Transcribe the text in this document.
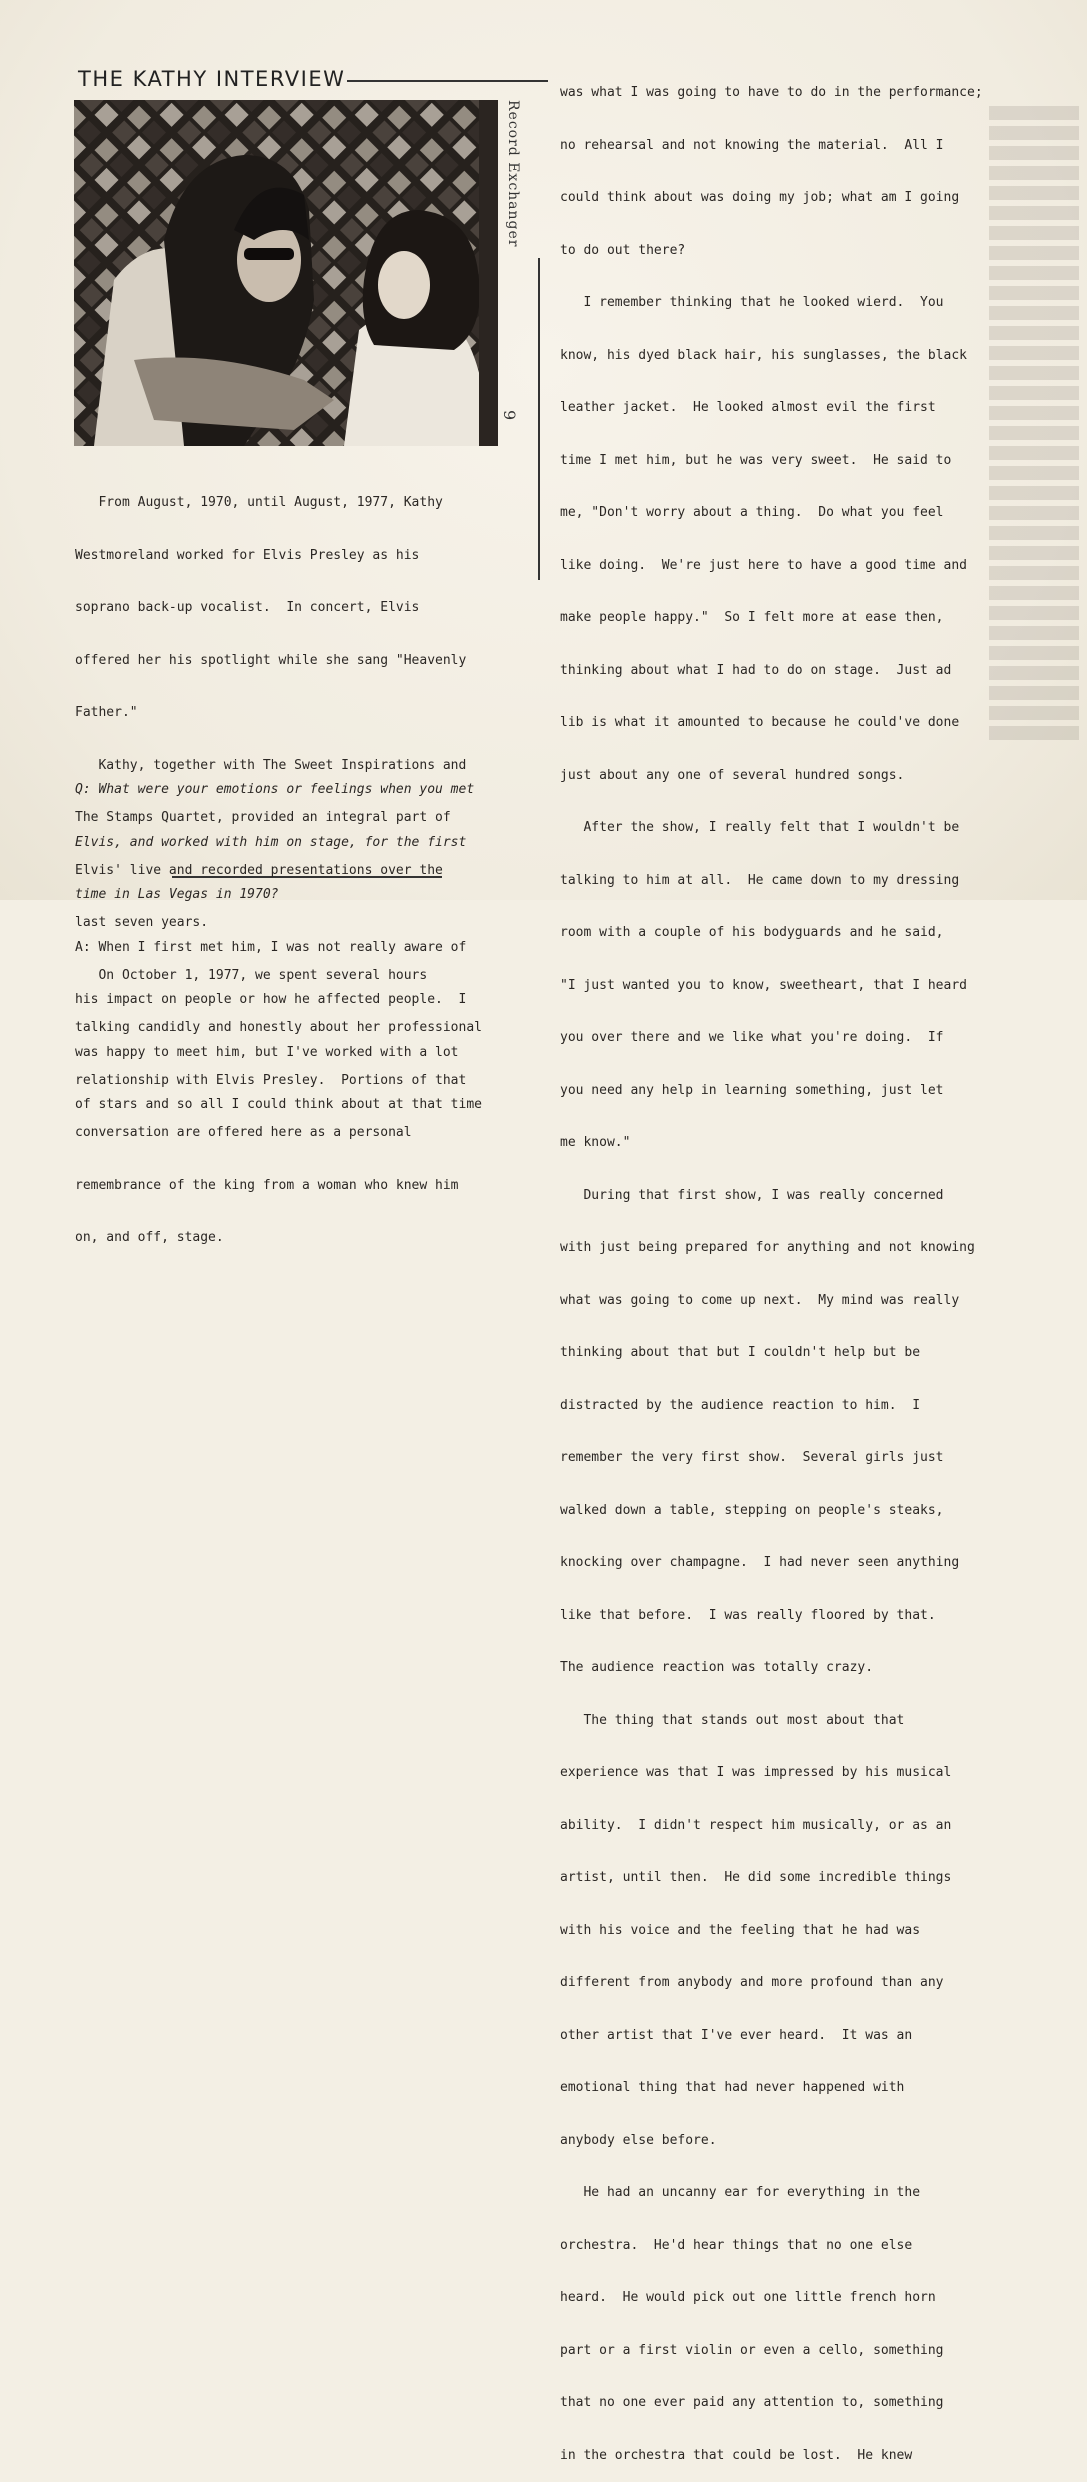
THE KATHY INTERVIEW
Record Exchanger
9

From August, 1970, until August, 1977, Kathy

Westmoreland worked for Elvis Presley as his

soprano back-up vocalist.  In concert, Elvis

offered her his spotlight while she sang "Heavenly

Father."

Kathy, together with The Sweet Inspirations and

The Stamps Quartet, provided an integral part of

Elvis' live and recorded presentations over the

last seven years.

On October 1, 1977, we spent several hours

talking candidly and honestly about her professional

relationship with Elvis Presley.  Portions of that

conversation are offered here as a personal

remembrance of the king from a woman who knew him

on, and off, stage.

Q: What were your emotions or feelings when you met

Elvis, and worked with him on stage, for the first

time in Las Vegas in 1970?

A: When I first met him, I was not really aware of

his impact on people or how he affected people.  I

was happy to meet him, but I've worked with a lot

of stars and so all I could think about at that time

was what I was going to have to do in the performance;

no rehearsal and not knowing the material.  All I

could think about was doing my job; what am I going

to do out there?

I remember thinking that he looked wierd.  You

know, his dyed black hair, his sunglasses, the black

leather jacket.  He looked almost evil the first

time I met him, but he was very sweet.  He said to

me, "Don't worry about a thing.  Do what you feel

like doing.  We're just here to have a good time and

make people happy."  So I felt more at ease then,

thinking about what I had to do on stage.  Just ad

lib is what it amounted to because he could've done

just about any one of several hundred songs.

After the show, I really felt that I wouldn't be

talking to him at all.  He came down to my dressing

room with a couple of his bodyguards and he said,

"I just wanted you to know, sweetheart, that I heard

you over there and we like what you're doing.  If

you need any help in learning something, just let

me know."

During that first show, I was really concerned

with just being prepared for anything and not knowing

what was going to come up next.  My mind was really

thinking about that but I couldn't help but be

distracted by the audience reaction to him.  I

remember the very first show.  Several girls just

walked down a table, stepping on people's steaks,

knocking over champagne.  I had never seen anything

like that before.  I was really floored by that.

The audience reaction was totally crazy.

The thing that stands out most about that

experience was that I was impressed by his musical

ability.  I didn't respect him musically, or as an

artist, until then.  He did some incredible things

with his voice and the feeling that he had was

different from anybody and more profound than any

other artist that I've ever heard.  It was an

emotional thing that had never happened with

anybody else before.

He had an uncanny ear for everything in the

orchestra.  He'd hear things that no one else

heard.  He would pick out one little french horn

part or a first violin or even a cello, something

that no one ever paid any attention to, something

in the orchestra that could be lost.  He knew
